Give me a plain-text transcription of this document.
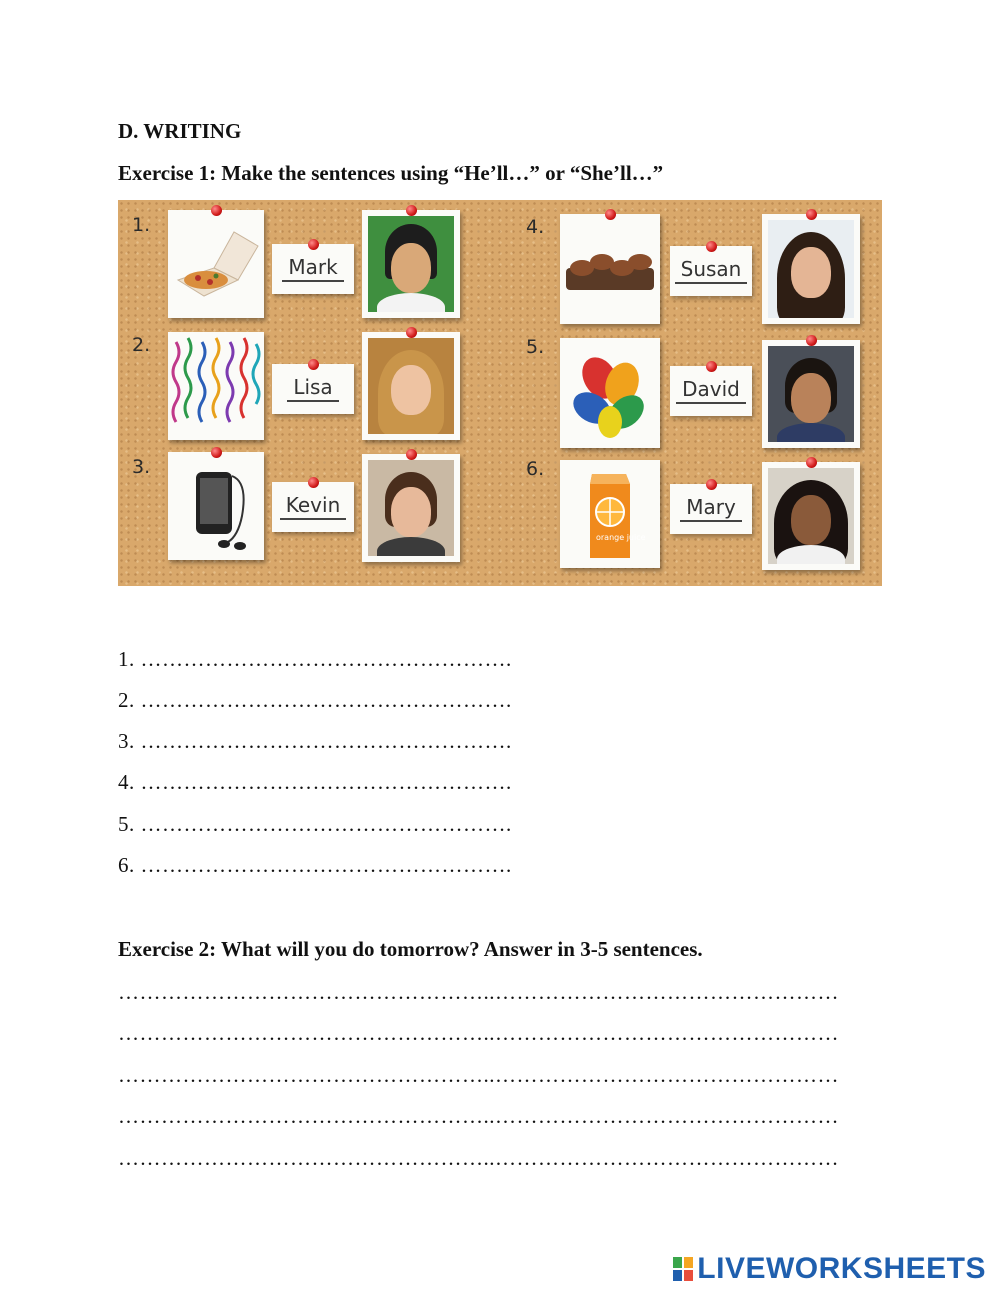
D. WRITING

Exercise 1: Make the sentences using “He’ll…” or “She’ll…”

1.
2.
3.
4.
5.
6.
Mark
Lisa
Kevin
Susan
David
orange juice
Mary
1. …………………………………………….
2. …………………………………………….
3. …………………………………………….
4. …………………………………………….
5. …………………………………………….
6. …………………………………………….

Exercise 2: What will you do tomorrow? Answer in 3-5 sentences.

……………………………………………..…………………………………………
……………………………………………..…………………………………………
……………………………………………..…………………………………………
……………………………………………..…………………………………………
……………………………………………..…………………………………………
LIVEWORKSHEETS
